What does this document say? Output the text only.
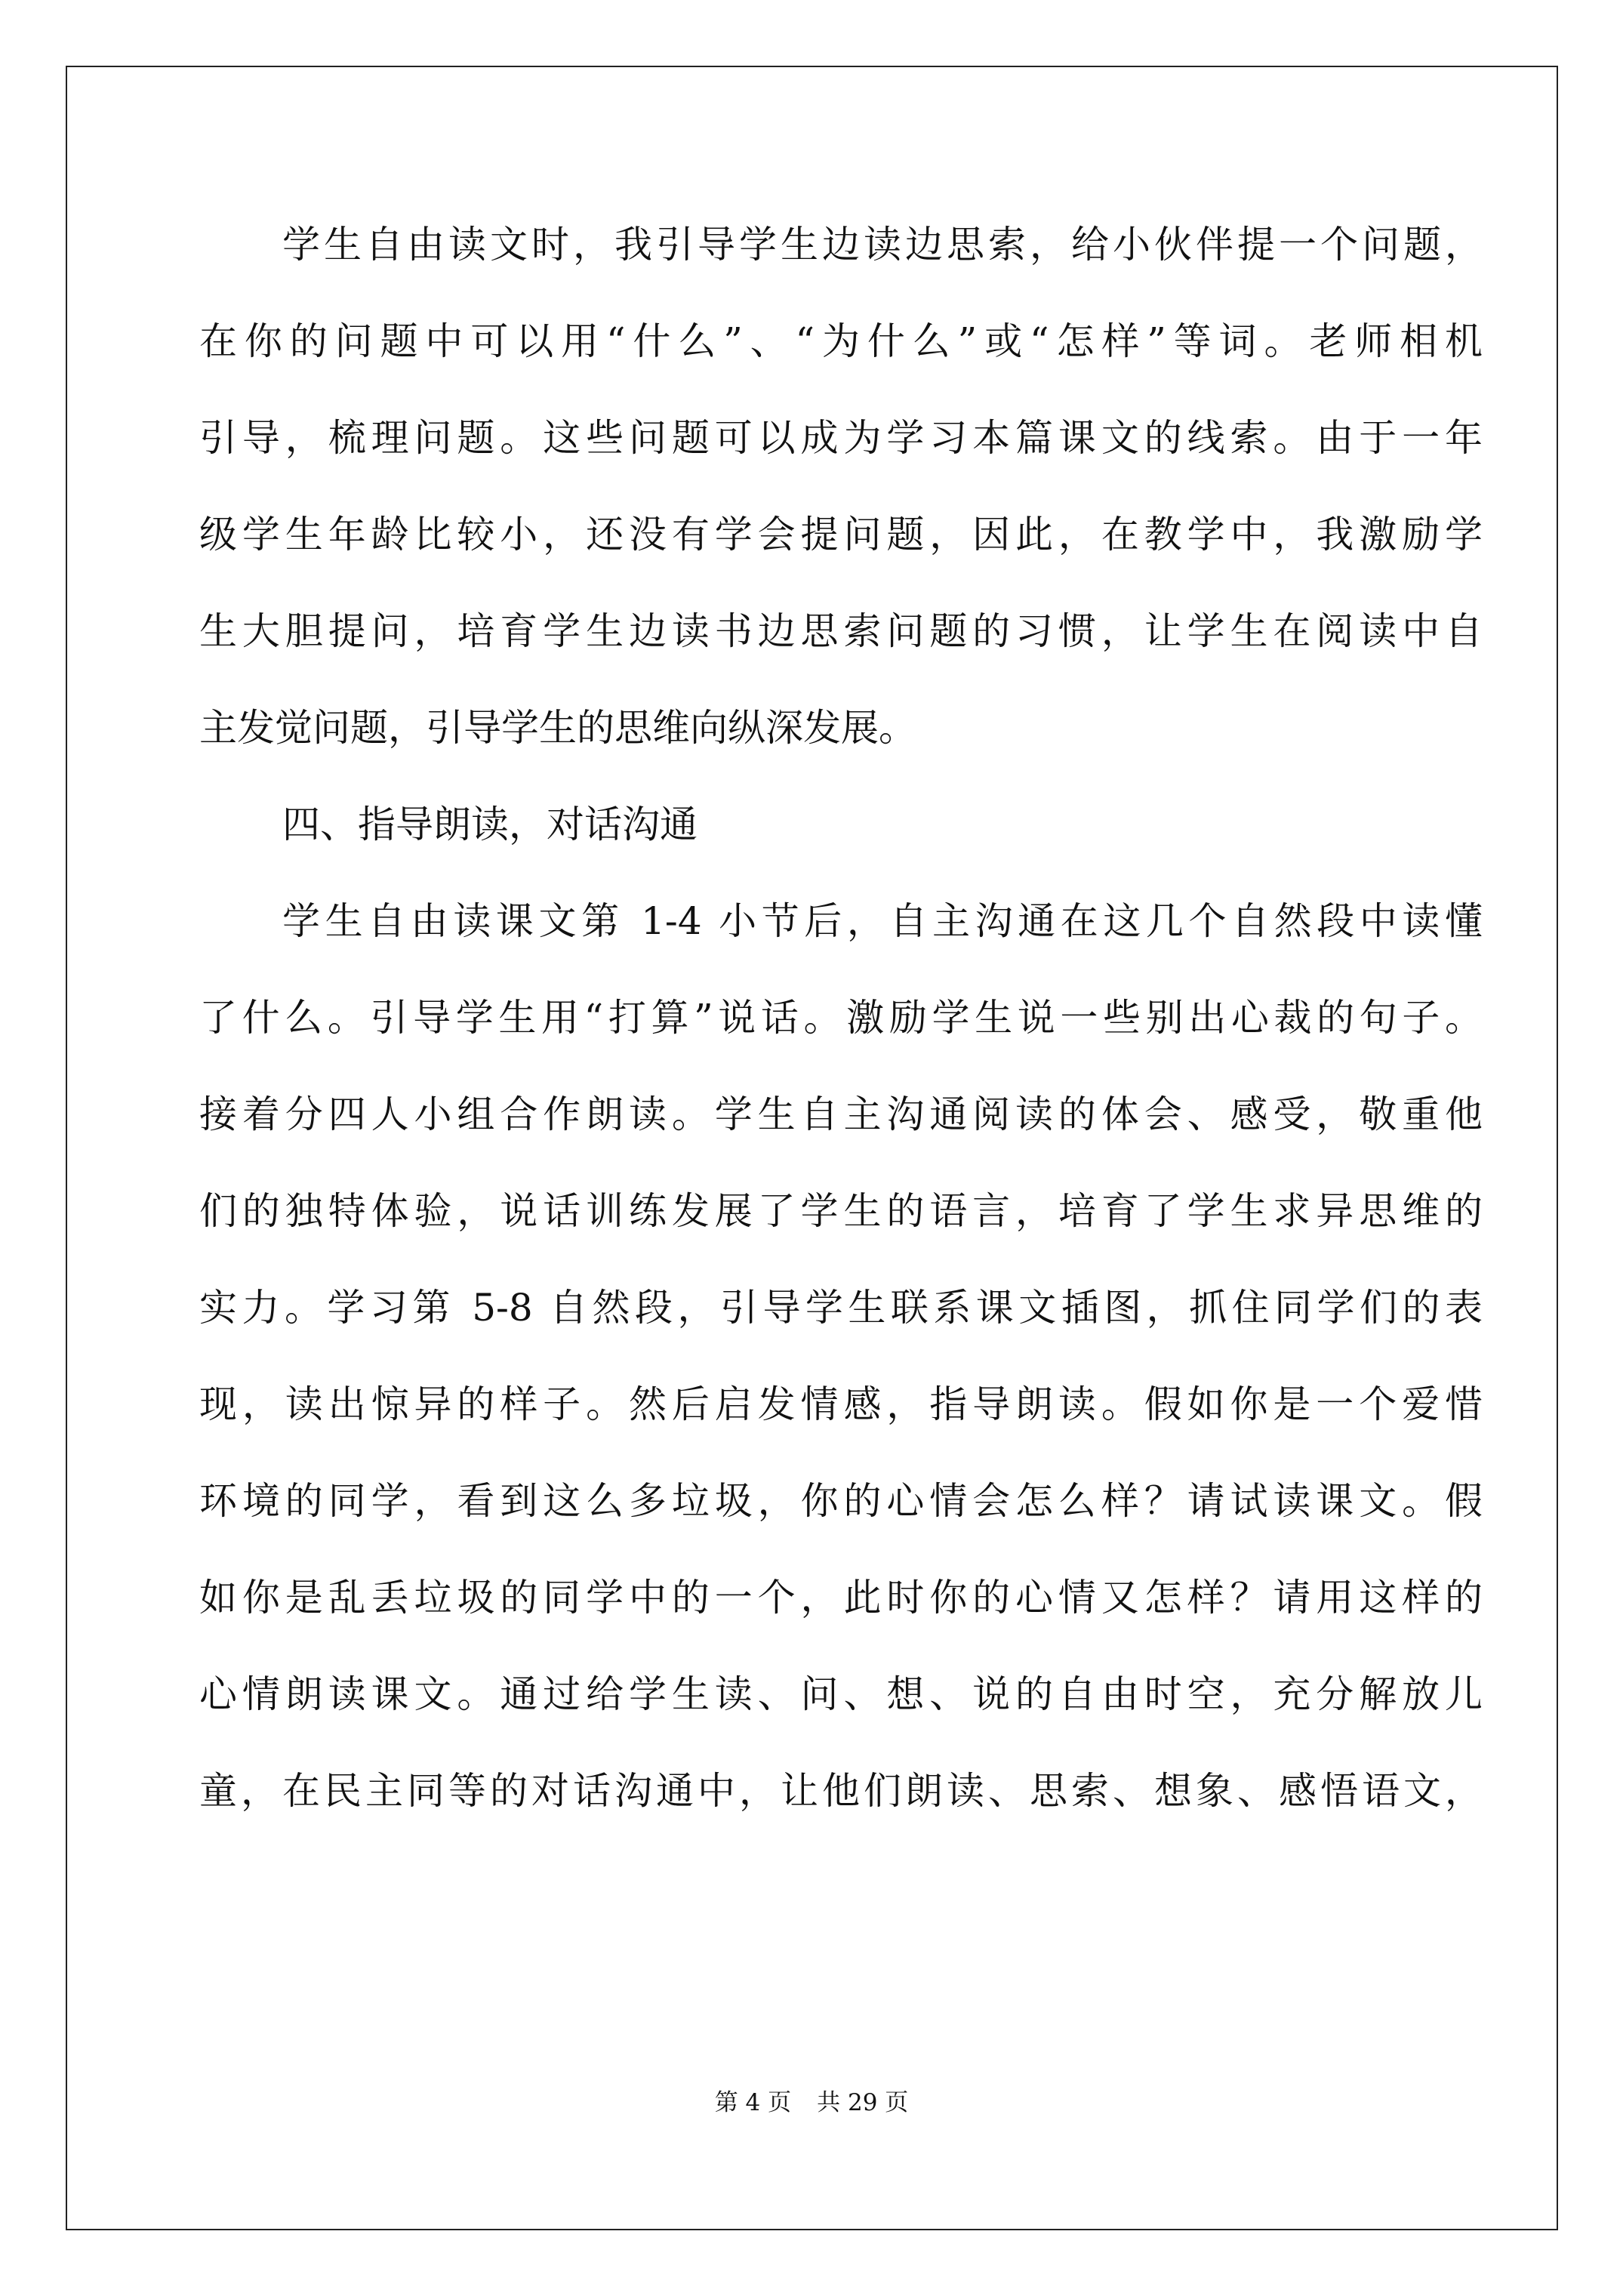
学生自由读文时，我引导学生边读边思索，给小伙伴提一个问题，
在你的问题中可以用“什么”、“为什么”或“怎样”等词。老师相机
引导，梳理问题。这些问题可以成为学习本篇课文的线索。由于一年
级学生年龄比较小，还没有学会提问题，因此，在教学中，我激励学
生大胆提问，培育学生边读书边思索问题的习惯，让学生在阅读中自
主发觉问题，引导学生的思维向纵深发展。
四、指导朗读，对话沟通
学生自由读课文第 1-4 小节后，自主沟通在这几个自然段中读懂
了什么。引导学生用“打算”说话。激励学生说一些别出心裁的句子。
接着分四人小组合作朗读。学生自主沟通阅读的体会、感受，敬重他
们的独特体验，说话训练发展了学生的语言，培育了学生求异思维的
实力。学习第 5-8 自然段，引导学生联系课文插图，抓住同学们的表
现，读出惊异的样子。然后启发情感，指导朗读。假如你是一个爱惜
环境的同学，看到这么多垃圾，你的心情会怎么样？请试读课文。假
如你是乱丢垃圾的同学中的一个，此时你的心情又怎样？请用这样的
心情朗读课文。通过给学生读、问、想、说的自由时空，充分解放儿
童，在民主同等的对话沟通中，让他们朗读、思索、想象、感悟语文，
第 4 页 共 29 页
